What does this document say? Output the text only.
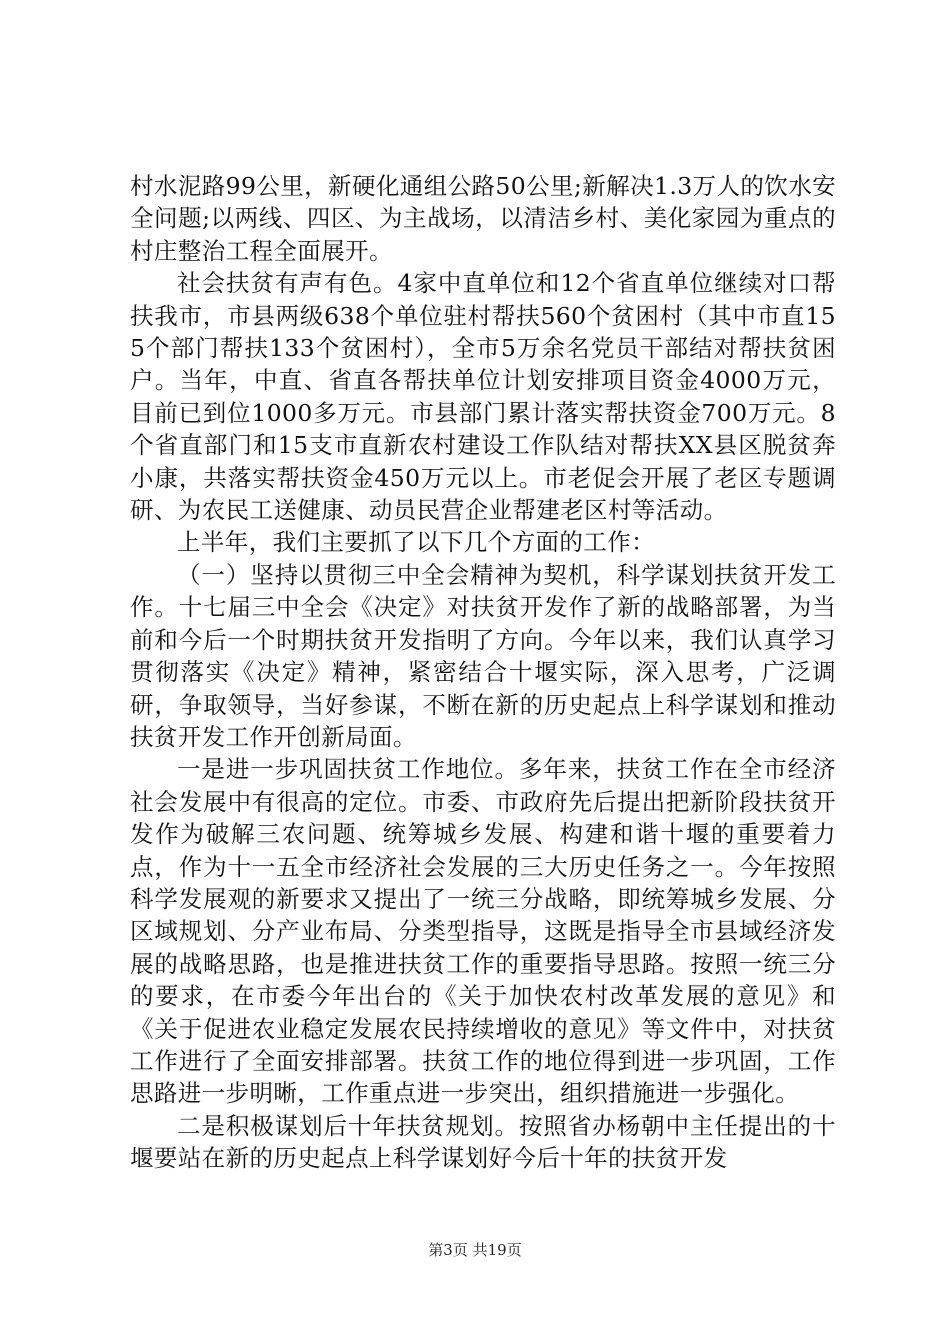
村水泥路99公里，新硬化通组公路50公里;新解决1.3万人的饮水安全问题;以两线、四区、为主战场，以清洁乡村、美化家园为重点的村庄整治工程全面展开。

社会扶贫有声有色。4家中直单位和12个省直单位继续对口帮扶我市，市县两级638个单位驻村帮扶560个贫困村（其中市直155个部门帮扶133个贫困村），全市5万余名党员干部结对帮扶贫困户。当年，中直、省直各帮扶单位计划安排项目资金4000万元，目前已到位1000多万元。市县部门累计落实帮扶资金700万元。8个省直部门和15支市直新农村建设工作队结对帮扶XX县区脱贫奔小康，共落实帮扶资金450万元以上。市老促会开展了老区专题调研、为农民工送健康、动员民营企业帮建老区村等活动。

上半年，我们主要抓了以下几个方面的工作：

（一）坚持以贯彻三中全会精神为契机，科学谋划扶贫开发工作。十七届三中全会《决定》对扶贫开发作了新的战略部署，为当前和今后一个时期扶贫开发指明了方向。今年以来，我们认真学习贯彻落实《决定》精神，紧密结合十堰实际，深入思考，广泛调研，争取领导，当好参谋，不断在新的历史起点上科学谋划和推动扶贫开发工作开创新局面。

一是进一步巩固扶贫工作地位。多年来，扶贫工作在全市经济社会发展中有很高的定位。市委、市政府先后提出把新阶段扶贫开发作为破解三农问题、统筹城乡发展、构建和谐十堰的重要着力点，作为十一五全市经济社会发展的三大历史任务之一。今年按照科学发展观的新要求又提出了一统三分战略，即统筹城乡发展、分区域规划、分产业布局、分类型指导，这既是指导全市县域经济发展的战略思路，也是推进扶贫工作的重要指导思路。按照一统三分的要求，在市委今年出台的《关于加快农村改革发展的意见》和《关于促进农业稳定发展农民持续增收的意见》等文件中，对扶贫工作进行了全面安排部署。扶贫工作的地位得到进一步巩固，工作思路进一步明晰，工作重点进一步突出，组织措施进一步强化。

二是积极谋划后十年扶贫规划。按照省办杨朝中主任提出的十堰要站在新的历史起点上科学谋划好今后十年的扶贫开发

第3页 共19页
